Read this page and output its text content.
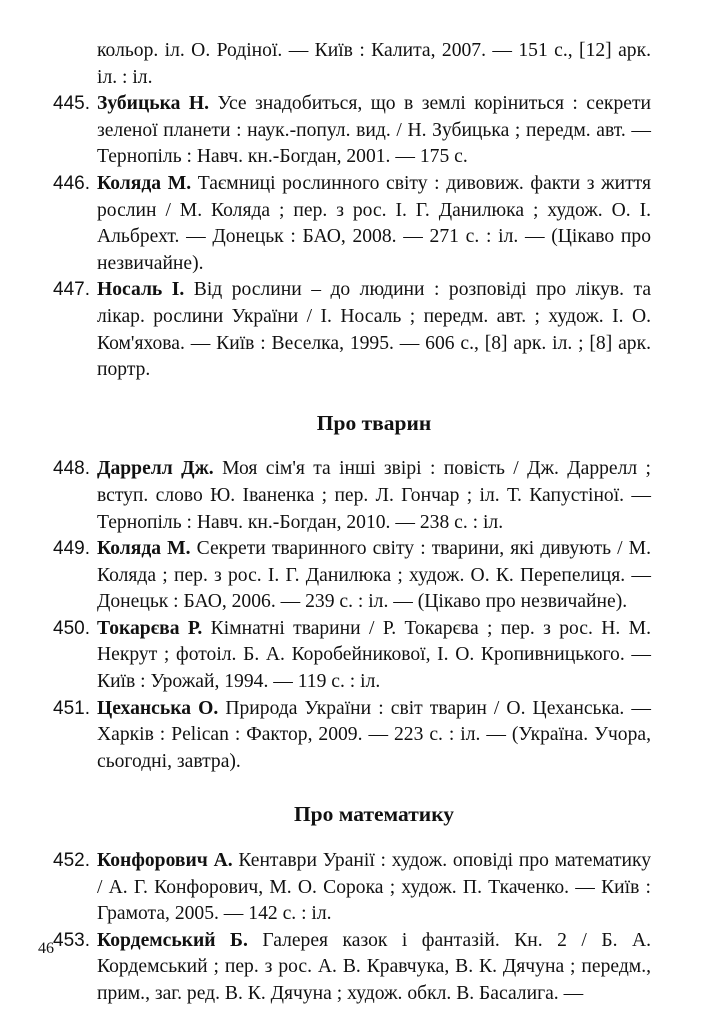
кольор. іл. О. Родіної. — Київ : Калита, 2007. — 151 с., [12] арк. іл. : іл.
445. Зубицька Н. Усе знадобиться, що в землі коріниться : секрети зеленої планети : наук.-попул. вид. / Н. Зубицька ; передм. авт. — Тернопіль : Навч. кн.-Богдан, 2001. — 175 с.
446. Коляда М. Таємниці рослинного світу : дивовиж. факти з життя рослин / М. Коляда ; пер. з рос. І. Г. Данилюка ; худож. О. І. Альбрехт. — Донецьк : БАО, 2008. — 271 с. : іл. — (Цікаво про незвичайне).
447. Носаль І. Від рослини – до людини : розповіді про лікув. та лікар. рослини України / І. Носаль ; передм. авт. ; худож. І. О. Ком'яхова. — Київ : Веселка, 1995. — 606 с., [8] арк. іл. ; [8] арк. портр.
Про тварин
448. Даррелл Дж. Моя сім'я та інші звірі : повість / Дж. Даррелл ; вступ. слово Ю. Іваненка ; пер. Л. Гончар ; іл. Т. Капустіної. — Тернопіль : Навч. кн.-Богдан, 2010. — 238 с. : іл.
449. Коляда М. Секрети тваринного світу : тварини, які дивують / М. Коляда ; пер. з рос. І. Г. Данилюка ; худож. О. К. Перепелиця. — Донецьк : БАО, 2006. — 239 с. : іл. — (Цікаво про незвичайне).
450. Токарєва Р. Кімнатні тварини / Р. Токарєва ; пер. з рос. Н. М. Некрут ; фотоіл. Б. А. Коробейникової, І. О. Кропивницького. — Київ : Урожай, 1994. — 119 с. : іл.
451. Цеханська О. Природа України : світ тварин / О. Цеханська. — Харків : Pelican : Фактор, 2009. — 223 с. : іл. — (Україна. Учора, сьогодні, завтра).
Про математику
452. Конфорович А. Кентаври Уранії : худож. оповіді про математику / А. Г. Конфорович, М. О. Сорока ; худож. П. Ткаченко. — Київ : Грамота, 2005. — 142 с. : іл.
453. Кордемський Б. Галерея казок і фантазій. Кн. 2 / Б. А. Кордемський ; пер. з рос. А. В. Кравчука, В. К. Дячуна ; передм., прим., заг. ред. В. К. Дячуна ; худож. обкл. В. Басалига. —
46
